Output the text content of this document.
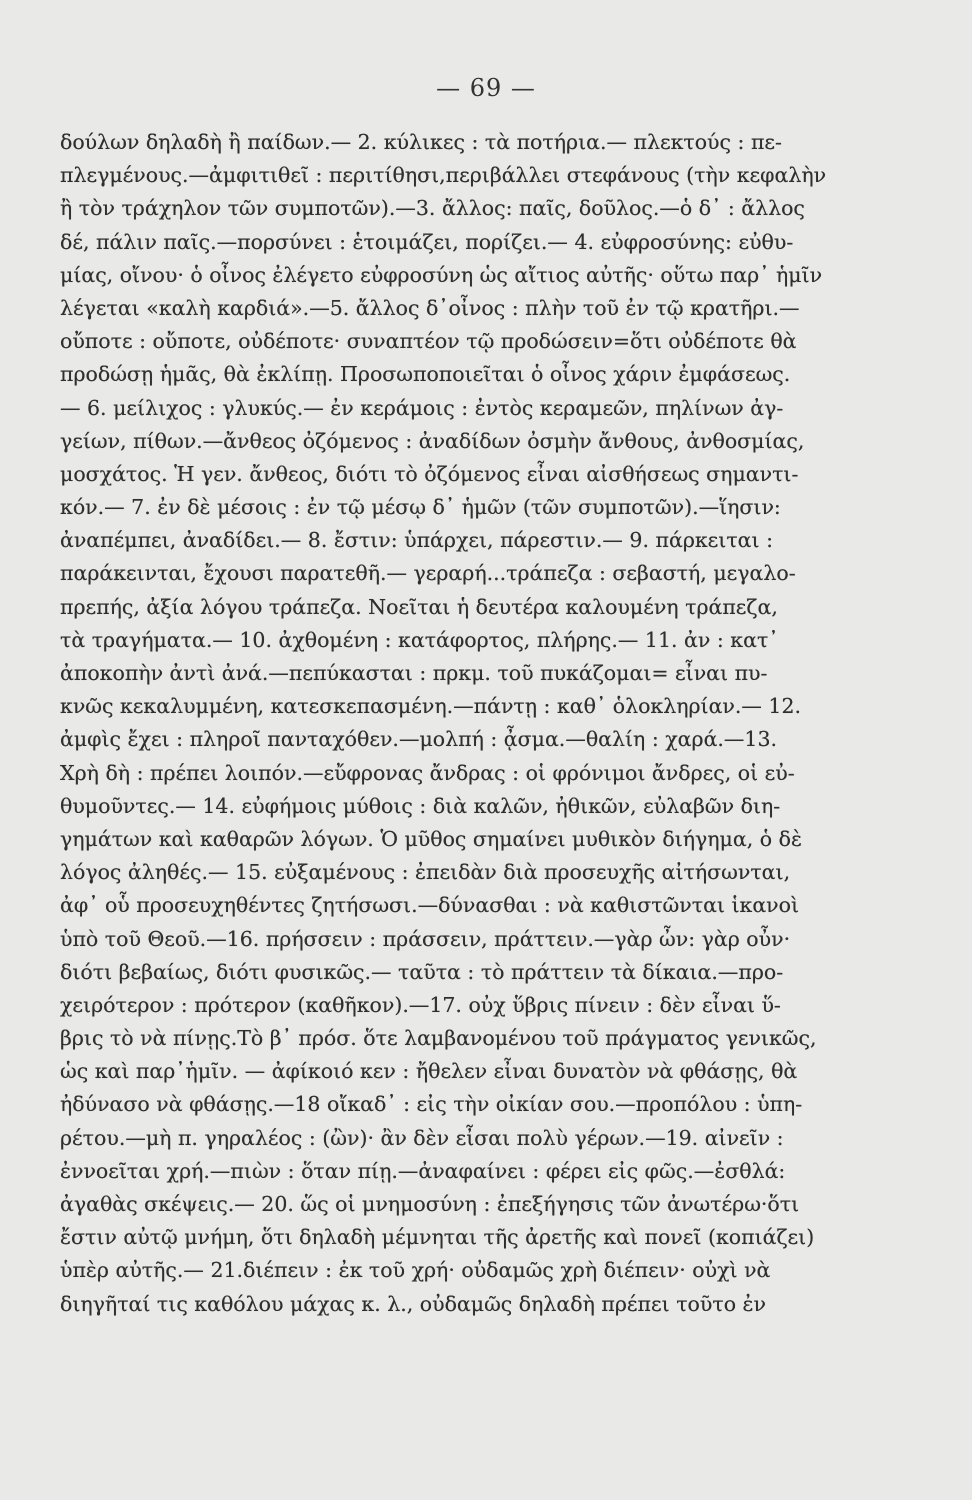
— 69 —
δούλων δηλαδὴ ἢ παίδων.— 2. κύλικες : τὰ ποτήρια.— πλεκτούς : πε-
πλεγμένους.—ἀμφιτιθεῖ : περιτίθησι,περιβάλλει στεφάνους (τὴν κεφαλὴν
ἢ τὸν τράχηλον τῶν συμποτῶν).—3. ἄλλος: παῖς, δοῦλος.—ὁ δ᾽ : ἄλλος
δέ, πάλιν παῖς.—πορσύνει : ἑτοιμάζει, πορίζει.— 4. εὐφροσύνης: εὐθυ-
μίας, οἴνου· ὁ οἶνος ἐλέγετο εὐφροσύνη ὡς αἴτιος αὐτῆς· οὕτω παρ᾽ ἡμῖν
λέγεται «καλὴ καρδιά».—5. ἄλλος δ᾽οἶνος : πλὴν τοῦ ἐν τῷ κρατῆρι.—
οὔποτε : οὔποτε, οὐδέποτε· συναπτέον τῷ προδώσειν=ὅτι οὐδέποτε θὰ
προδώσῃ ἡμᾶς, θὰ ἐκλίπῃ. Προσωποποιεῖται ὁ οἶνος χάριν ἐμφάσεως.
— 6. μείλιχος : γλυκύς.— ἐν κεράμοις : ἐντὸς κεραμεῶν, πηλίνων ἀγ-
γείων, πίθων.—ἄνθεος ὀζόμενος : ἀναδίδων ὀσμὴν ἄνθους, ἀνθοσμίας,
μοσχάτος. Ἡ γεν. ἄνθεος, διότι τὸ ὀζόμενος εἶναι αἰσθήσεως σημαντι-
κόν.— 7. ἐν δὲ μέσοις : ἐν τῷ μέσῳ δ᾽ ἡμῶν (τῶν συμποτῶν).—ἵησιν:
ἀναπέμπει, ἀναδίδει.— 8. ἔστιν: ὑπάρχει, πάρεστιν.— 9. πάρκειται :
παράκεινται, ἔχουσι παρατεθῆ.— γεραρή...τράπεζα : σεβαστή, μεγαλο-
πρεπής, ἀξία λόγου τράπεζα. Νοεῖται ἡ δευτέρα καλουμένη τράπεζα,
τὰ τραγήματα.— 10. ἀχθομένη : κατάφορτος, πλήρης.— 11. ἀν : κατ᾽
ἀποκοπὴν ἀντὶ ἀνά.—πεπύκασται : πρκμ. τοῦ πυκάζομαι= εἶναι πυ-
κνῶς κεκαλυμμένη, κατεσκεπασμένη.—πάντῃ : καθ᾽ ὁλοκληρίαν.— 12.
ἀμφὶς ἔχει : πληροῖ πανταχόθεν.—μολπή : ᾆσμα.—θαλίη : χαρά.—13.
Χρὴ δὴ : πρέπει λοιπόν.—εὔφρονας ἄνδρας : οἱ φρόνιμοι ἄνδρες, οἱ εὐ-
θυμοῦντες.— 14. εὐφήμοις μύθοις : διὰ καλῶν, ἠθικῶν, εὐλαβῶν διη-
γημάτων καὶ καθαρῶν λόγων. Ὁ μῦθος σημαίνει μυθικὸν διήγημα, ὁ δὲ
λόγος ἀληθές.— 15. εὐξαμένους : ἐπειδὰν διὰ προσευχῆς αἰτήσωνται,
ἀφ᾽ οὗ προσευχηθέντες ζητήσωσι.—δύνασθαι : νὰ καθιστῶνται ἱκανοὶ
ὑπὸ τοῦ Θεοῦ.—16. πρήσσειν : πράσσειν, πράττειν.—γὰρ ὦν: γὰρ οὖν·
διότι βεβαίως, διότι φυσικῶς.— ταῦτα : τὸ πράττειν τὰ δίκαια.—προ-
χειρότερον : πρότερον (καθῆκον).—17. οὐχ ὕβρις πίνειν : δὲν εἶναι ὕ-
βρις τὸ νὰ πίνῃς.Τὸ β᾽ πρόσ. ὅτε λαμβανομένου τοῦ πράγματος γενικῶς,
ὡς καὶ παρ᾽ἡμῖν. — ἀφίκοιό κεν : ἤθελεν εἶναι δυνατὸν νὰ φθάσῃς, θὰ
ἠδύνασο νὰ φθάσῃς.—18 οἴκαδ᾽ : εἰς τὴν οἰκίαν σου.—προπόλου : ὑπη-
ρέτου.—μὴ π. γηραλέος : (ὢν)· ἂν δὲν εἶσαι πολὺ γέρων.—19. αἰνεῖν :
ἐννοεῖται χρή.—πιὼν : ὅταν πίῃ.—ἀναφαίνει : φέρει εἰς φῶς.—ἐσθλά:
ἀγαθὰς σκέψεις.— 20. ὥς οἱ μνημοσύνη : ἐπεξήγησις τῶν ἀνωτέρω·ὅτι
ἔστιν αὐτῷ μνήμη, ὅτι δηλαδὴ μέμνηται τῆς ἀρετῆς καὶ πονεῖ (κοπιάζει)
ὑπὲρ αὐτῆς.— 21.διέπειν : ἐκ τοῦ χρή· οὐδαμῶς χρὴ διέπειν· οὐχὶ νὰ
διηγῆταί τις καθόλου μάχας κ. λ., οὐδαμῶς δηλαδὴ πρέπει τοῦτο ἐν
